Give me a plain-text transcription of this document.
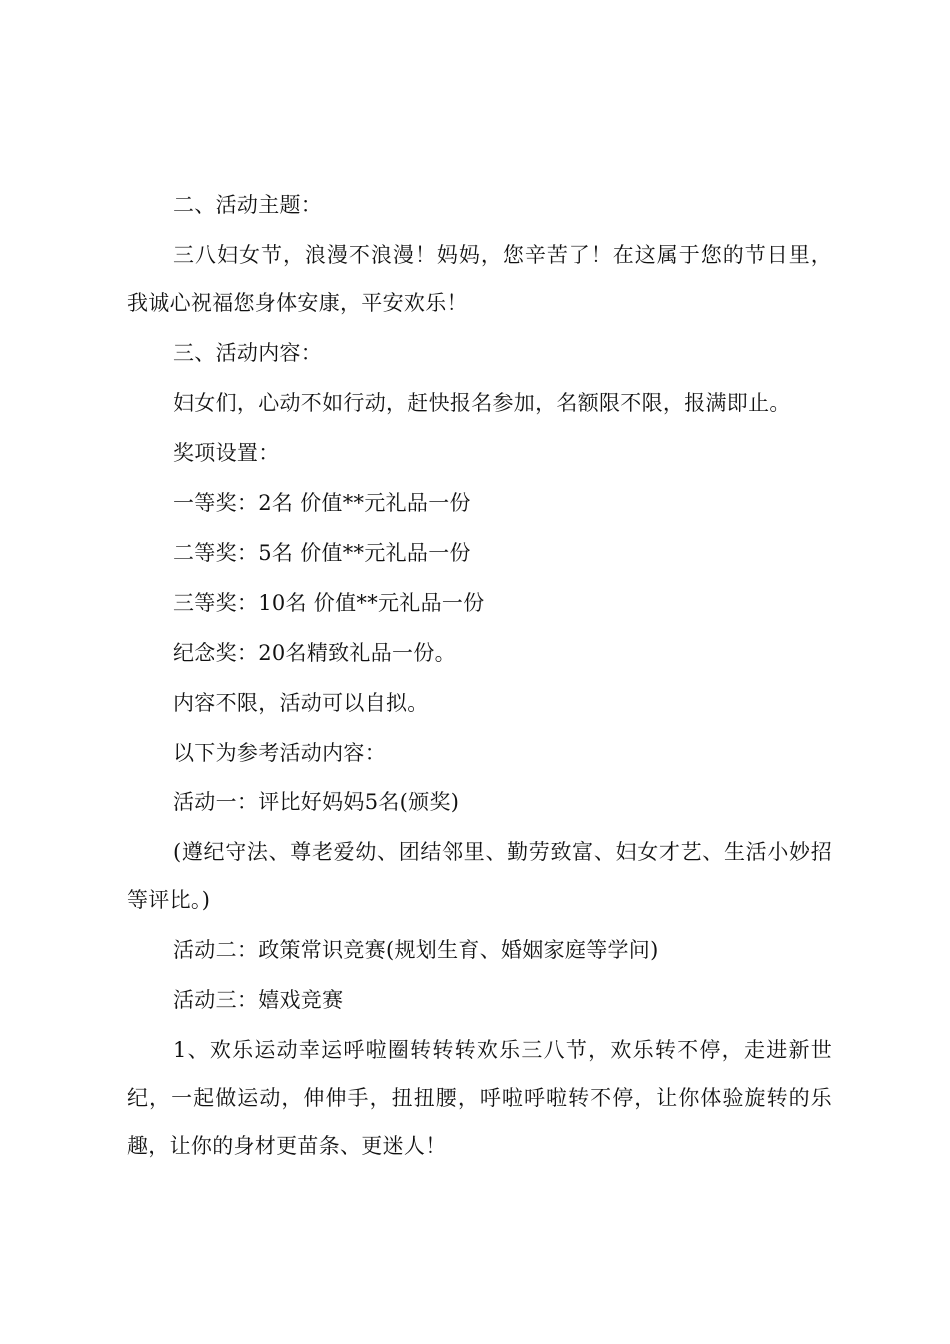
二、活动主题：

三八妇女节，浪漫不浪漫！妈妈，您辛苦了！在这属于您的节日里，我诚心祝福您身体安康，平安欢乐！

三、活动内容：

妇女们，心动不如行动，赶快报名参加，名额限不限，报满即止。

奖项设置：

一等奖：2名 价值**元礼品一份

二等奖：5名 价值**元礼品一份

三等奖：10名 价值**元礼品一份

纪念奖：20名精致礼品一份。

内容不限，活动可以自拟。

以下为参考活动内容：

活动一：评比好妈妈5名(颁奖)

(遵纪守法、尊老爱幼、团结邻里、勤劳致富、妇女才艺、生活小妙招等评比。)

活动二：政策常识竞赛(规划生育、婚姻家庭等学问)

活动三：嬉戏竞赛

1、欢乐运动幸运呼啦圈转转转欢乐三八节，欢乐转不停，走进新世纪，一起做运动，伸伸手，扭扭腰，呼啦呼啦转不停，让你体验旋转的乐趣，让你的身材更苗条、更迷人！
